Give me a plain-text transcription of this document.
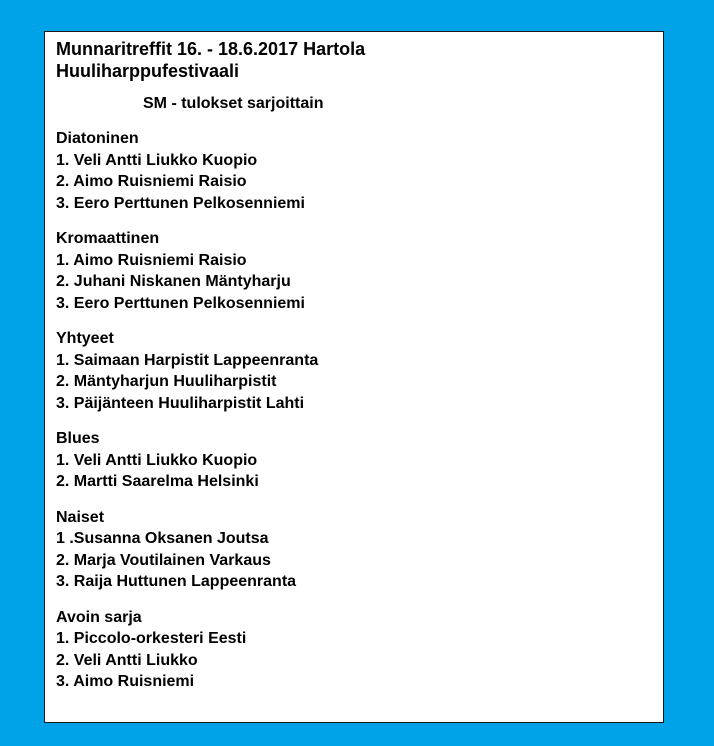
Munnaritreffit 16. - 18.6.2017 Hartola
Huuliharppufestivaali
SM - tulokset sarjoittain
Diatoninen
1. Veli Antti Liukko Kuopio
2. Aimo Ruisniemi Raisio
3. Eero Perttunen Pelkosenniemi
Kromaattinen
1. Aimo Ruisniemi Raisio
2. Juhani Niskanen Mäntyharju
3. Eero Perttunen Pelkosenniemi
Yhtyeet
1. Saimaan Harpistit Lappeenranta
2. Mäntyharjun Huuliharpistit
3. Päijänteen Huuliharpistit Lahti
Blues
1. Veli Antti Liukko Kuopio
2. Martti Saarelma Helsinki
Naiset
1 .Susanna Oksanen Joutsa
2. Marja Voutilainen Varkaus
3. Raija Huttunen Lappeenranta
Avoin sarja
1. Piccolo-orkesteri Eesti
2. Veli Antti Liukko
3. Aimo Ruisniemi
